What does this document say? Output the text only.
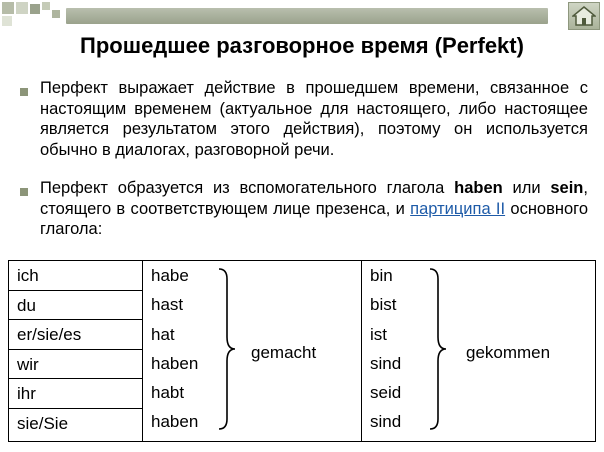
Прошедшее разговорное время (Perfekt)
Перфект выражает действие в прошедшем времени, связанное с настоящим временем (актуальное для настоящего, либо настоящее является результатом этого действия), поэтому он используется обычно в диалогах, разговорной речи.
Перфект образуется из вспомогательного глагола haben или sein, стоящего в соответствующем лице презенса, и партиципа II основного глагола:
ich
du
er/sie/es
wir
ihr
sie/Sie
habe
hast
hat
haben
habt
haben
gemacht
bin
bist
ist
sind
seid
sind
gekommen
